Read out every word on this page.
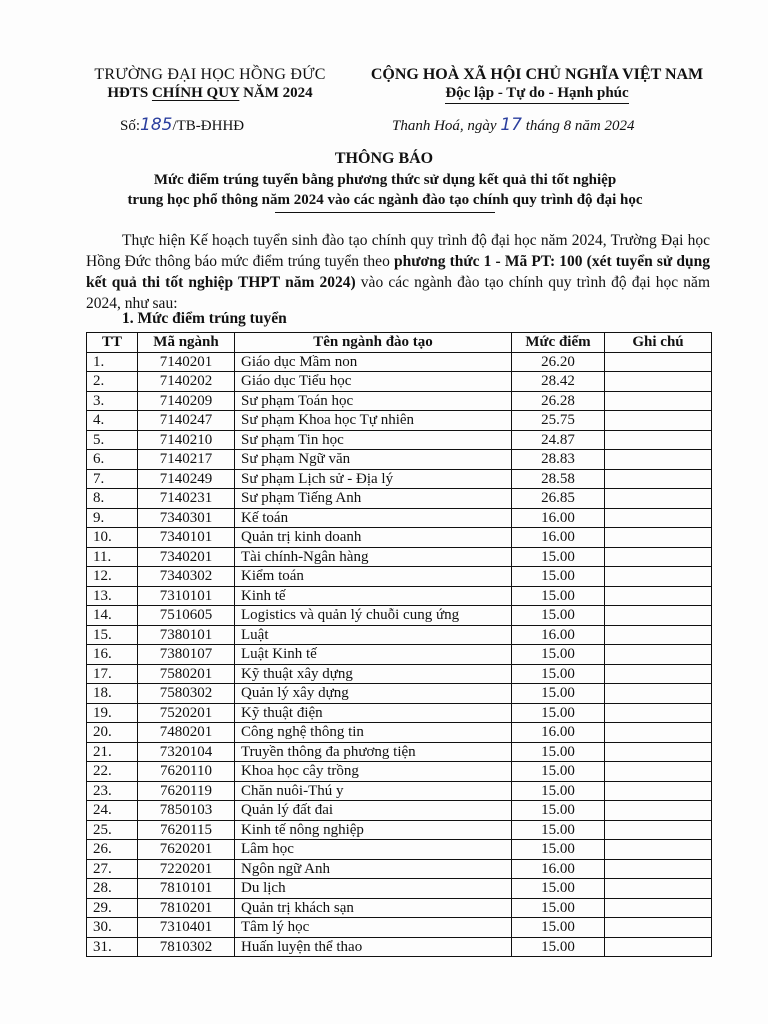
TRƯỜNG ĐẠI HỌC HỒNG ĐỨC
HĐTS CHÍNH QUY NĂM 2024
CỘNG HOÀ XÃ HỘI CHỦ NGHĨA VIỆT NAM
Độc lập - Tự do - Hạnh phúc
Số:185/TB-ĐHHĐ	Thanh Hoá, ngày 17 tháng 8 năm 2024
THÔNG BÁO
Mức điểm trúng tuyển bằng phương thức sử dụng kết quả thi tốt nghiệp
trung học phổ thông năm 2024 vào các ngành đào tạo chính quy trình độ đại học

Thực hiện Kế hoạch tuyển sinh đào tạo chính quy trình độ đại học năm 2024, Trường Đại học Hồng Đức thông báo mức điểm trúng tuyển theo phương thức 1 - Mã PT: 100 (xét tuyển sử dụng kết quả thi tốt nghiệp THPT năm 2024) vào các ngành đào tạo chính quy trình độ đại học năm 2024, như sau:

1. Mức điểm trúng tuyển
TT	Mã ngành	Tên ngành đào tạo	Mức điểm	Ghi chú
1.	7140201	Giáo dục Mầm non	26.20	
2.	7140202	Giáo dục Tiểu học	28.42	
3.	7140209	Sư phạm Toán học	26.28	
4.	7140247	Sư phạm Khoa học Tự nhiên	25.75	
5.	7140210	Sư phạm Tin học	24.87	
6.	7140217	Sư phạm Ngữ văn	28.83	
7.	7140249	Sư phạm Lịch sử - Địa lý	28.58	
8.	7140231	Sư phạm Tiếng Anh	26.85	
9.	7340301	Kế toán	16.00	
10.	7340101	Quản trị kinh doanh	16.00	
11.	7340201	Tài chính-Ngân hàng	15.00	
12.	7340302	Kiểm toán	15.00	
13.	7310101	Kinh tế	15.00	
14.	7510605	Logistics và quản lý chuỗi cung ứng	15.00	
15.	7380101	Luật	16.00	
16.	7380107	Luật Kinh tế	15.00	
17.	7580201	Kỹ thuật xây dựng	15.00	
18.	7580302	Quản lý xây dựng	15.00	
19.	7520201	Kỹ thuật điện	15.00	
20.	7480201	Công nghệ thông tin	16.00	
21.	7320104	Truyền thông đa phương tiện	15.00	
22.	7620110	Khoa học cây trồng	15.00	
23.	7620119	Chăn nuôi-Thú y	15.00	
24.	7850103	Quản lý đất đai	15.00	
25.	7620115	Kinh tế nông nghiệp	15.00	
26.	7620201	Lâm học	15.00	
27.	7220201	Ngôn ngữ Anh	16.00	
28.	7810101	Du lịch	15.00	
29.	7810201	Quản trị khách sạn	15.00	
30.	7310401	Tâm lý học	15.00	
31.	7810302	Huấn luyện thể thao	15.00	
